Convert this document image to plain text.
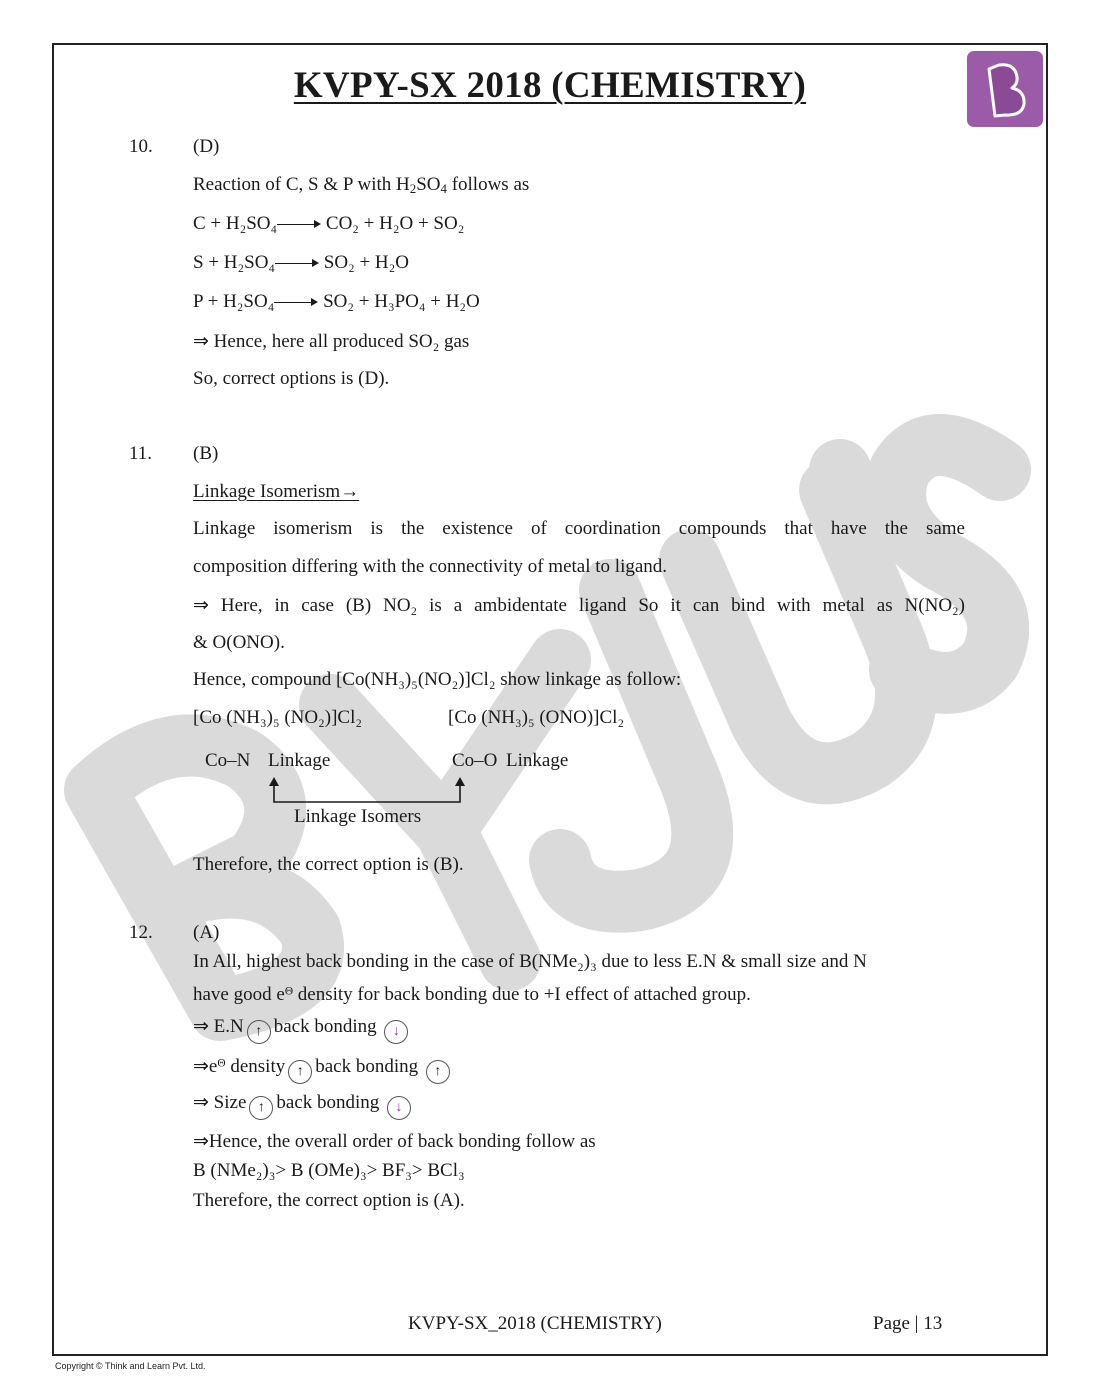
KVPY-SX 2018 (CHEMISTRY)
10. (D)
Reaction of C, S & P with $H_2SO_4$ follows as
C + H₂SO₄	CO₂ + H₂O + SO₂
S + H₂SO₄	SO₂ + H₂O
P + H₂SO₄	SO₂ + H₃PO₄ + H₂O
⇒ Hence, here all produced SO₂ gas
So, correct options is (D).
11. (B)
Linkage Isomerism→
Linkage isomerism is the existence of coordination compounds that have the same
composition differing with the connectivity of metal to ligand.
⇒ Here, in case (B) NO₂ is a ambidentate ligand So it can bind with metal as N(NO₂)
& O(ONO).
Hence, compound [Co(NH₃)₅(NO₂)]Cl₂ show linkage as follow:
[Co (NH₃)₅ (NO₂)]Cl₂	[Co (NH₃)₅ (ONO)]Cl₂
Co–N Linkage	Co–O Linkage
Linkage Isomers
Therefore, the correct option is (B).
12. (A)
In All, highest back bonding in the case of B(NMe₂)₃ due to less E.N & small size and N
have good $e^\Theta$ density for back bonding due to +I effect of attached group.
⇒ E.N ↑ back bonding ↓
$\Rightarrow e^\Theta$ density ↑ back bonding ↑
⇒ Size ↑ back bonding ↓
⇒Hence, the overall order of back bonding follow as
B (NMe₂)₃> B (OMe)₃> BF₃> BCl₃
Therefore, the correct option is (A).
KVPY-SX_2018 (CHEMISTRY)	Page | 13
Copyright © Think and Learn Pvt. Ltd.
